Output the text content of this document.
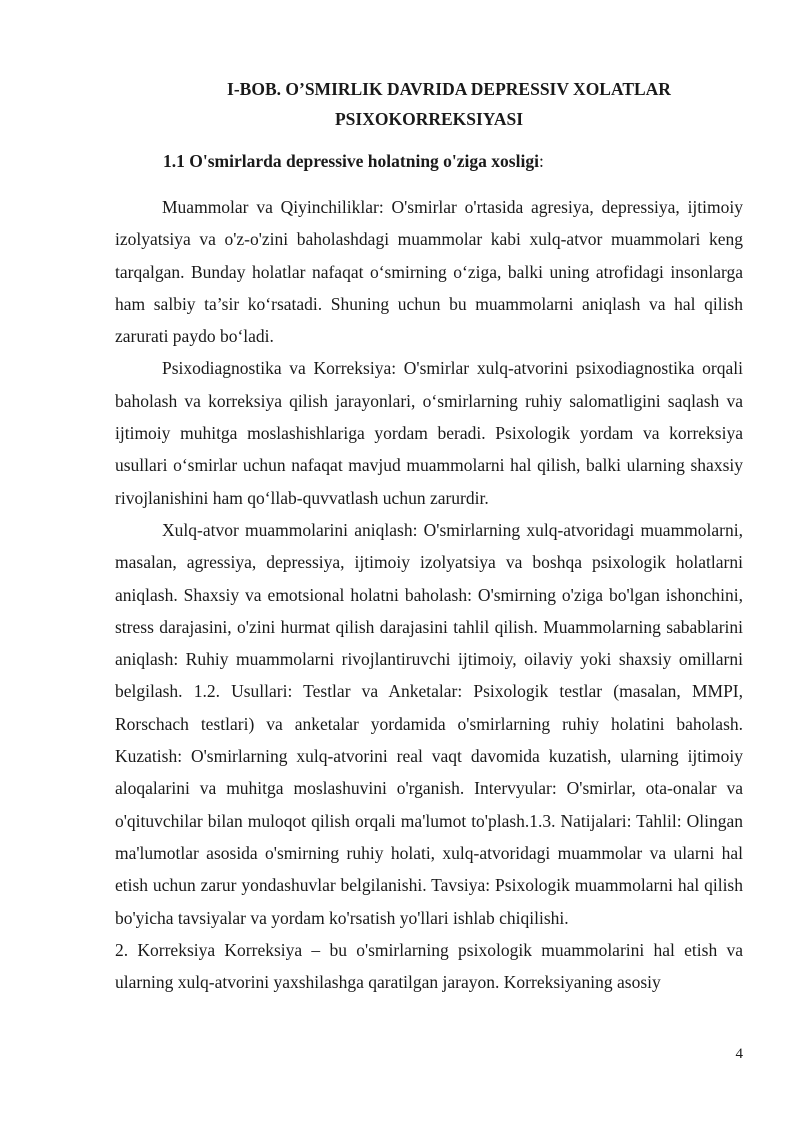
I-BOB. O’SMIRLIK DAVRIDA DEPRESSIV XOLATLAR PSIXOKORREKSIYASI
1.1 O'smirlarda depressive holatning o'ziga xosligi:

Muammolar va Qiyinchiliklar: O'smirlar o'rtasida agresiya, depressiya, ijtimoiy izolyatsiya va o'z-o'zini baholashdagi muammolar kabi xulq-atvor muammolari keng tarqalgan. Bunday holatlar nafaqat o‘smirning o‘ziga, balki uning atrofidagi insonlarga ham salbiy ta’sir ko‘rsatadi. Shuning uchun bu muammolarni aniqlash va hal qilish zarurati paydo bo‘ladi.

Psixodiagnostika va Korreksiya: O'smirlar xulq-atvorini psixodiagnostika orqali baholash va korreksiya qilish jarayonlari, o‘smirlarning ruhiy salomatligini saqlash va ijtimoiy muhitga moslashishlariga yordam beradi. Psixologik yordam va korreksiya usullari o‘smirlar uchun nafaqat mavjud muammolarni hal qilish, balki ularning shaxsiy rivojlanishini ham qo‘llab-quvvatlash uchun zarurdir.

Xulq-atvor muammolarini aniqlash: O'smirlarning xulq-atvoridagi muammolarni, masalan, agressiya, depressiya, ijtimoiy izolyatsiya va boshqa psixologik holatlarni aniqlash. Shaxsiy va emotsional holatni baholash: O'smirning o'ziga bo'lgan ishonchini, stress darajasini, o'zini hurmat qilish darajasini tahlil qilish. Muammolarning sabablarini aniqlash: Ruhiy muammolarni rivojlantiruvchi ijtimoiy, oilaviy yoki shaxsiy omillarni belgilash. 1.2. Usullari: Testlar va Anketalar: Psixologik testlar (masalan, MMPI, Rorschach testlari) va anketalar yordamida o'smirlarning ruhiy holatini baholash. Kuzatish: O'smirlarning xulq-atvorini real vaqt davomida kuzatish, ularning ijtimoiy aloqalarini va muhitga moslashuvini o'rganish. Intervyular: O'smirlar, ota-onalar va o'qituvchilar bilan muloqot qilish orqali ma'lumot to'plash.1.3. Natijalari: Tahlil: Olingan ma'lumotlar asosida o'smirning ruhiy holati, xulq-atvoridagi muammolar va ularni hal etish uchun zarur yondashuvlar belgilanishi. Tavsiya: Psixologik muammolarni hal qilish bo'yicha tavsiyalar va yordam ko'rsatish yo'llari ishlab chiqilishi.

2. Korreksiya Korreksiya – bu o'smirlarning psixologik muammolarini hal etish va ularning xulq-atvorini yaxshilashga qaratilgan jarayon. Korreksiyaning asosiy

4
